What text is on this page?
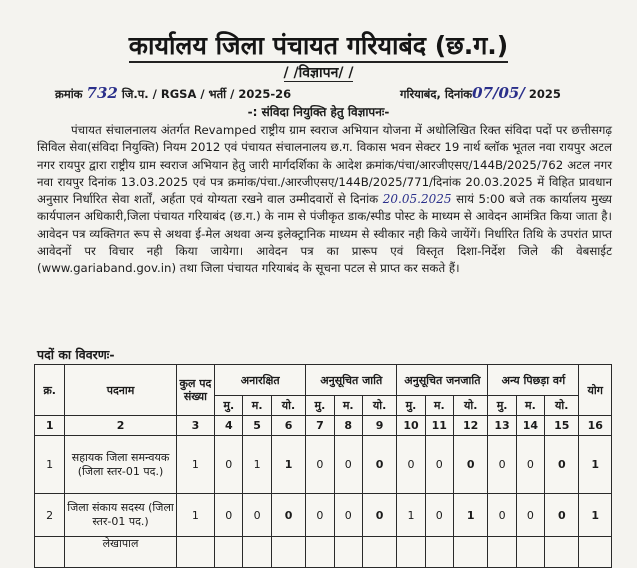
कार्यालय जिला पंचायत गरियाबंद (छ.ग.)
/ /विज्ञापन/ /
क्रमांक 732 जि.प. / RGSA / भर्ती / 2025-26	गरियाबंद, दिनांक07/05/ 2025
-: संविदा नियुक्ति हेतु विज्ञापनः-

पंचायत संचालनालय अंतर्गत Revamped राष्ट्रीय ग्राम स्वराज अभियान योजना में अधोलिखित रिक्त संविदा पदों पर छत्तीसगढ़ सिविल सेवा(संविदा नियुक्ति) नियम 2012 एवं पंचायत संचालनालय छ.ग. विकास भवन सेक्टर 19 नार्थ ब्लॉक भूतल नवा रायपुर अटल नगर रायपुर द्वारा राष्ट्रीय ग्राम स्वराज अभियान हेतु जारी मार्गदर्शिका के आदेश क्रमांक/पंचा/आरजीएसए/144B/2025/762 अटल नगर नवा रायपुर दिनांक 13.03.2025 एवं पत्र क्रमांक/पंचा./आरजीएसए/144B/2025/771/दिनांक 20.03.2025 में विहित प्रावधान अनुसार निर्धारित सेवा शर्तों, अर्हता एवं योग्यता रखने वाल उम्मीदवारों से दिनांक 20.05.2025 सायं 5:00 बजे तक कार्यालय मुख्य कार्यपालन अधिकारी,जिला पंचायत गरियाबंद (छ.ग.) के नाम से पंजीकृत डाक/स्पीड पोस्ट के माध्यम से आवेदन आमंत्रित किया जाता है। आवेदन पत्र व्यक्तिगत रूप से अथवा ई-मेल अथवा अन्य इलेक्ट्रानिक माध्यम से स्वीकार नही किये जायेंगें। निर्धारित तिथि के उपरांत प्राप्त आवेदनों पर विचार नही किया जायेगा। आवेदन पत्र का प्रारूप एवं विस्तृत दिशा-निर्देश जिले की वेबसाईट (www.gariaband.gov.in) तथा जिला पंचायत गरियाबंद के सूचना पटल से प्राप्त कर सकते हैं।

पदों का विवरणः-
क्र.	पदनाम	कुल पद संख्या	अनारक्षित			अनुसूचित जाति			अनुसूचित जनजाति			अन्य पिछड़ा वर्ग			योग
			मु.	म.	यो.	मु.	म.	यो.	मु.	म.	यो.	मु.	म.	यो.	
1	2	3	4	5	6	7	8	9	10	11	12	13	14	15	16
1	सहायक जिला समन्वयक (जिला स्तर-01 पद.)	1	0	1	1	0	0	0	0	0	0	0	0	0	1
2	जिला संकाय सदस्य (जिला स्तर-01 पद.)	1	0	0	0	0	0	0	1	0	1	0	0	0	1
	लेखापाल														
